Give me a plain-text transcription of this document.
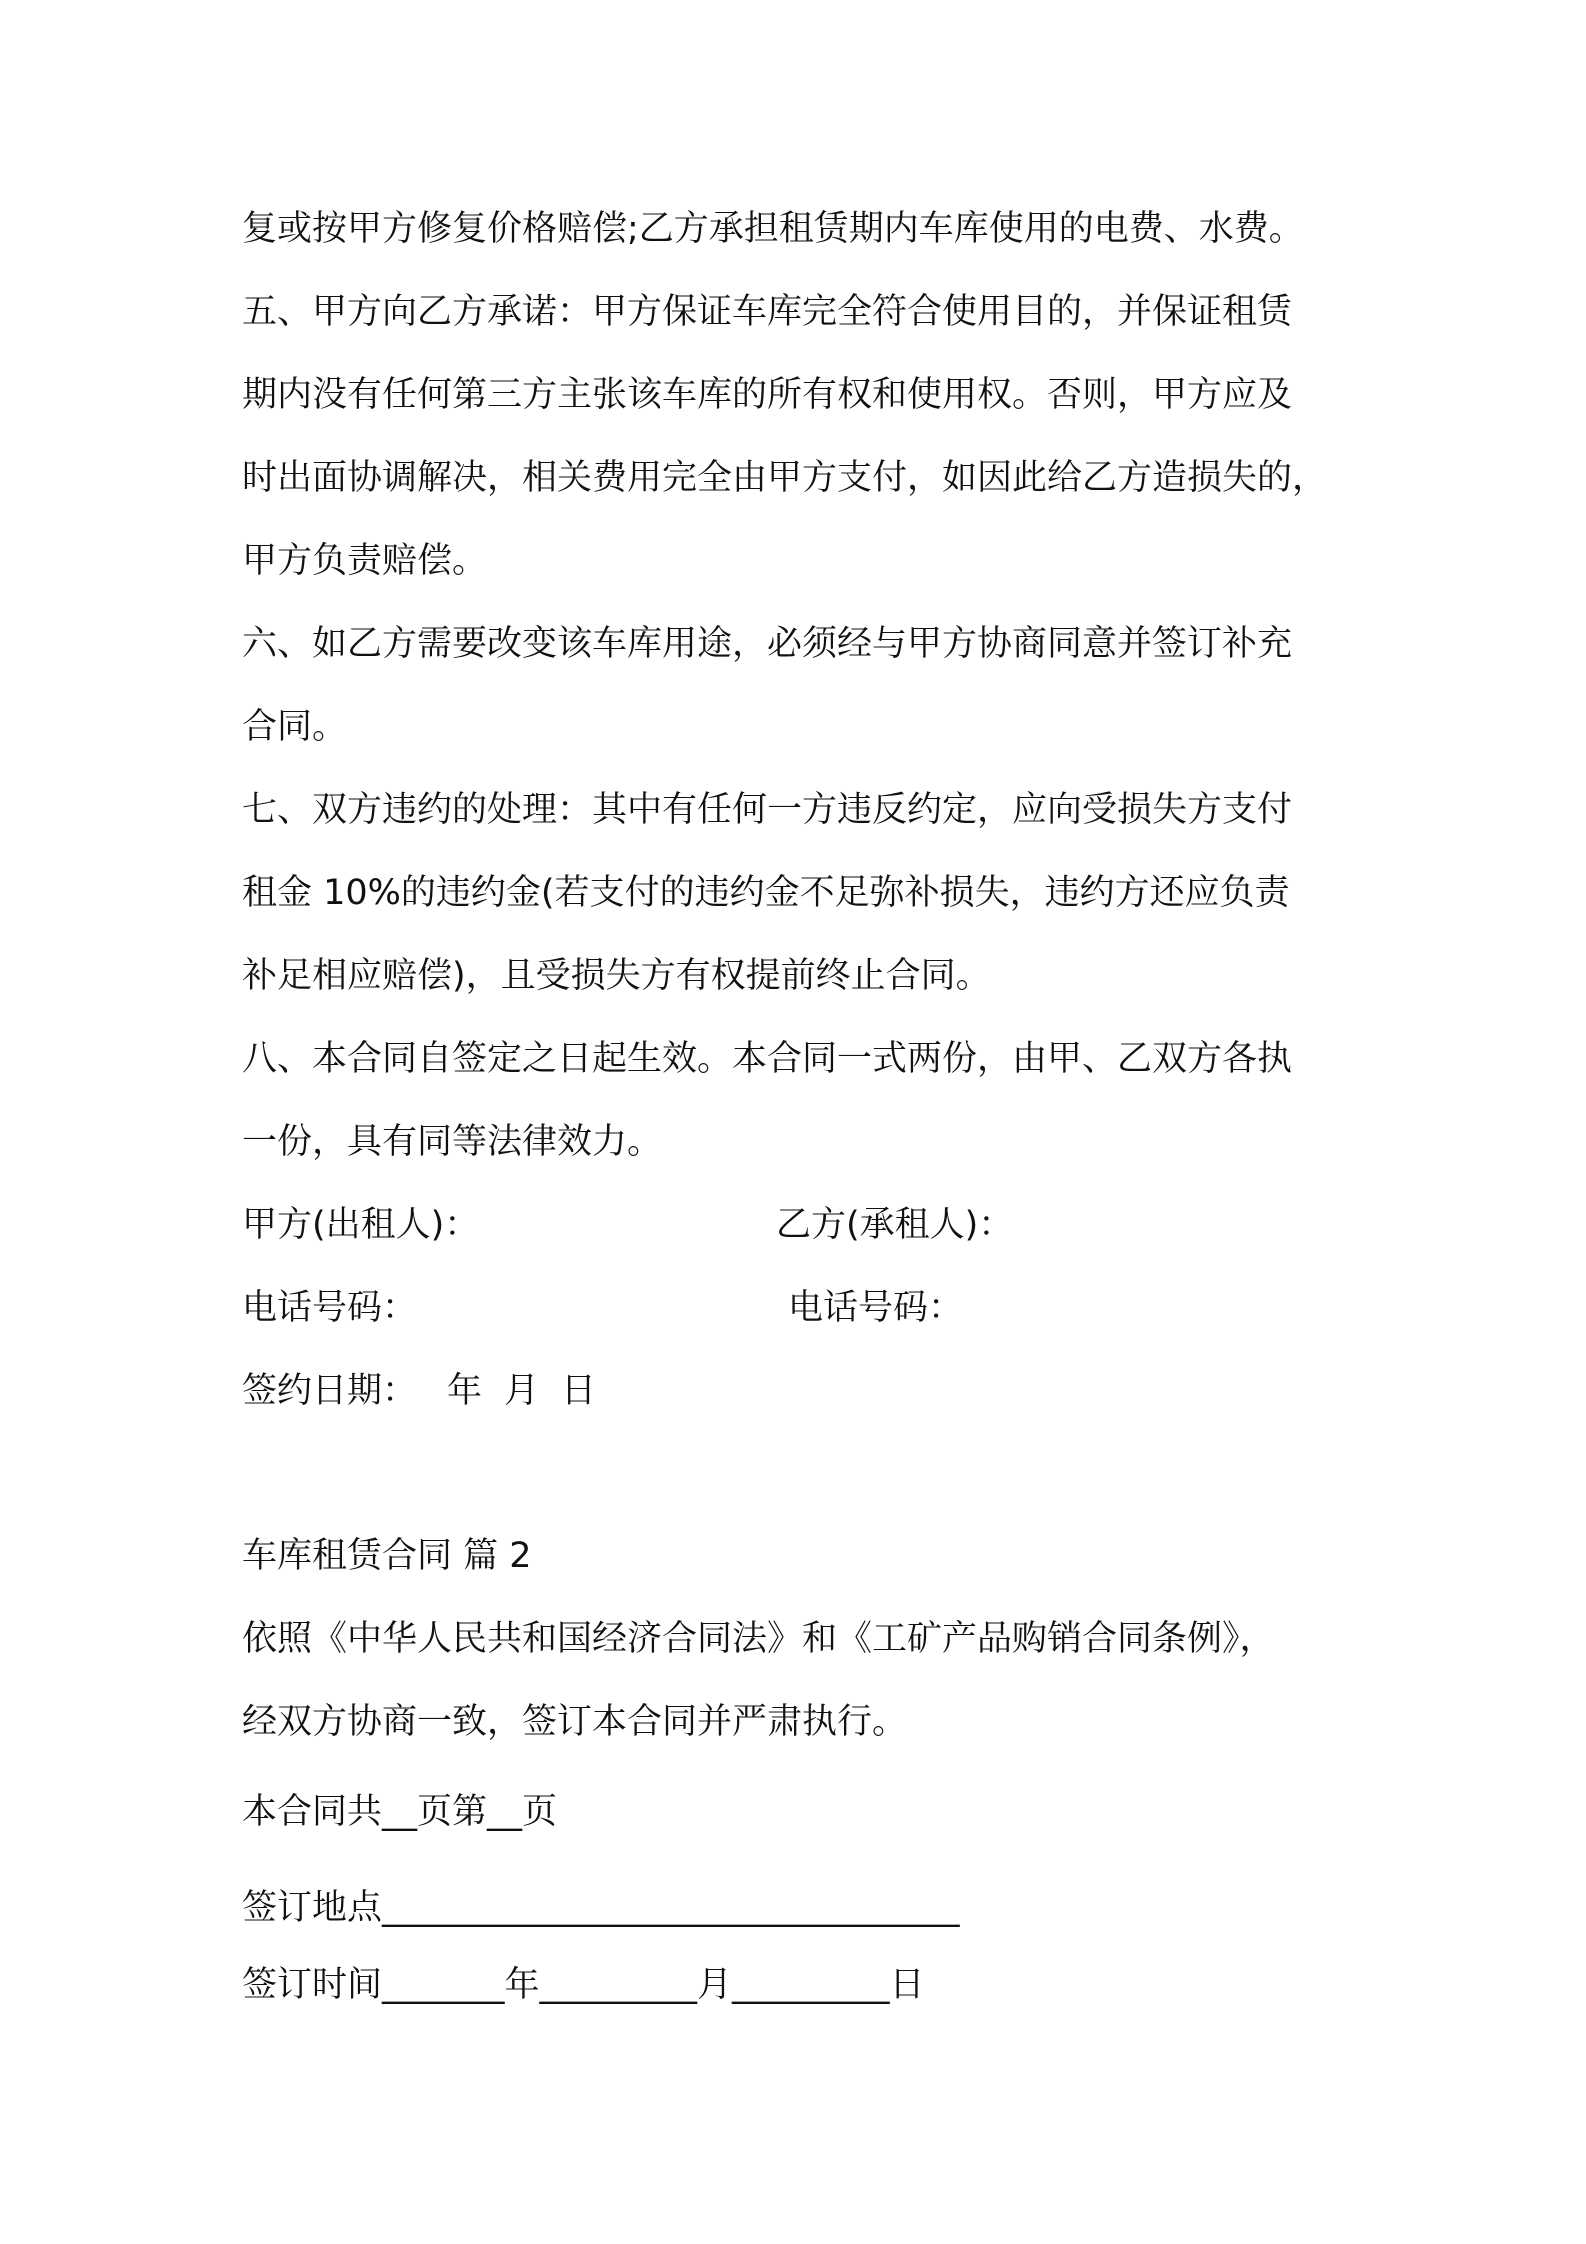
复或按甲方修复价格赔偿;乙方承担租赁期内车库使用的电费、水费。
五、甲方向乙方承诺：甲方保证车库完全符合使用目的，并保证租赁
期内没有任何第三方主张该车库的所有权和使用权。否则，甲方应及
时出面协调解决，相关费用完全由甲方支付，如因此给乙方造损失的，
甲方负责赔偿。
六、如乙方需要改变该车库用途，必须经与甲方协商同意并签订补充
合同。
七、双方违约的处理：其中有任何一方违反约定，应向受损失方支付
租金 10%的违约金(若支付的违约金不足弥补损失，违约方还应负责
补足相应赔偿)，且受损失方有权提前终止合同。
八、本合同自签定之日起生效。本合同一式两份，由甲、乙双方各执
一份，具有同等法律效力。
甲方(出租人)：	乙方(承租人)：
电话号码：	电话号码：
签约日期： 年 月 日
车库租赁合同 篇 2
依照《中华人民共和国经济合同法》和《工矿产品购销合同条例》，
经双方协商一致，签订本合同并严肃执行。
本合同共__页第__页
签订地点_________________________________
签订时间_______年_________月_________日
